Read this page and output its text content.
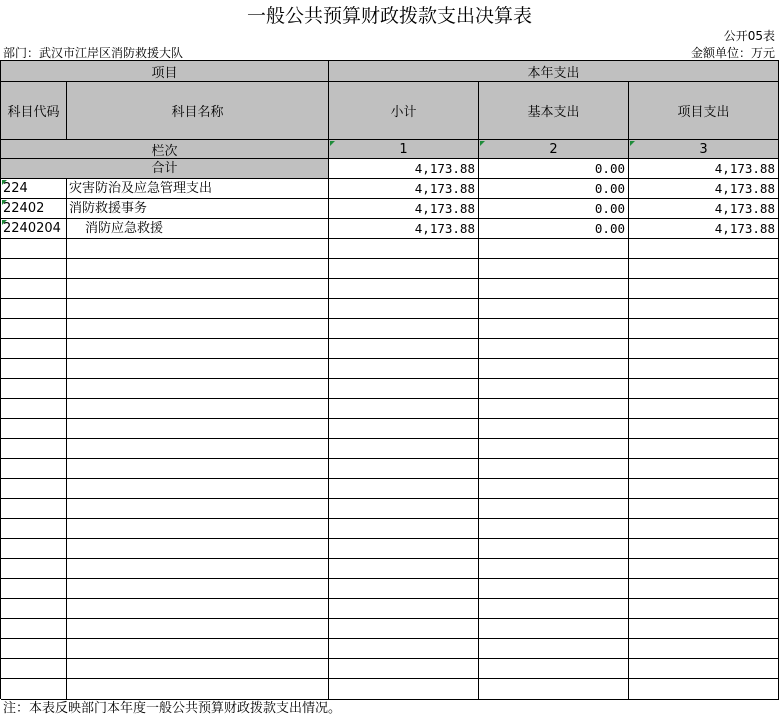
一般公共预算财政拨款支出决算表
公开05表
部门：武汉市江岸区消防救援大队	金额单位：万元
项目	本年支出
科目代码	科目名称	小计	基本支出	项目支出
栏次	1	2	3
合计	4,173.88	0.00	4,173.88
224	灾害防治及应急管理支出	4,173.88	0.00	4,173.88
22402	消防救援事务	4,173.88	0.00	4,173.88
2240204	消防应急救援	4,173.88	0.00	4,173.88
注：本表反映部门本年度一般公共预算财政拨款支出情况。
